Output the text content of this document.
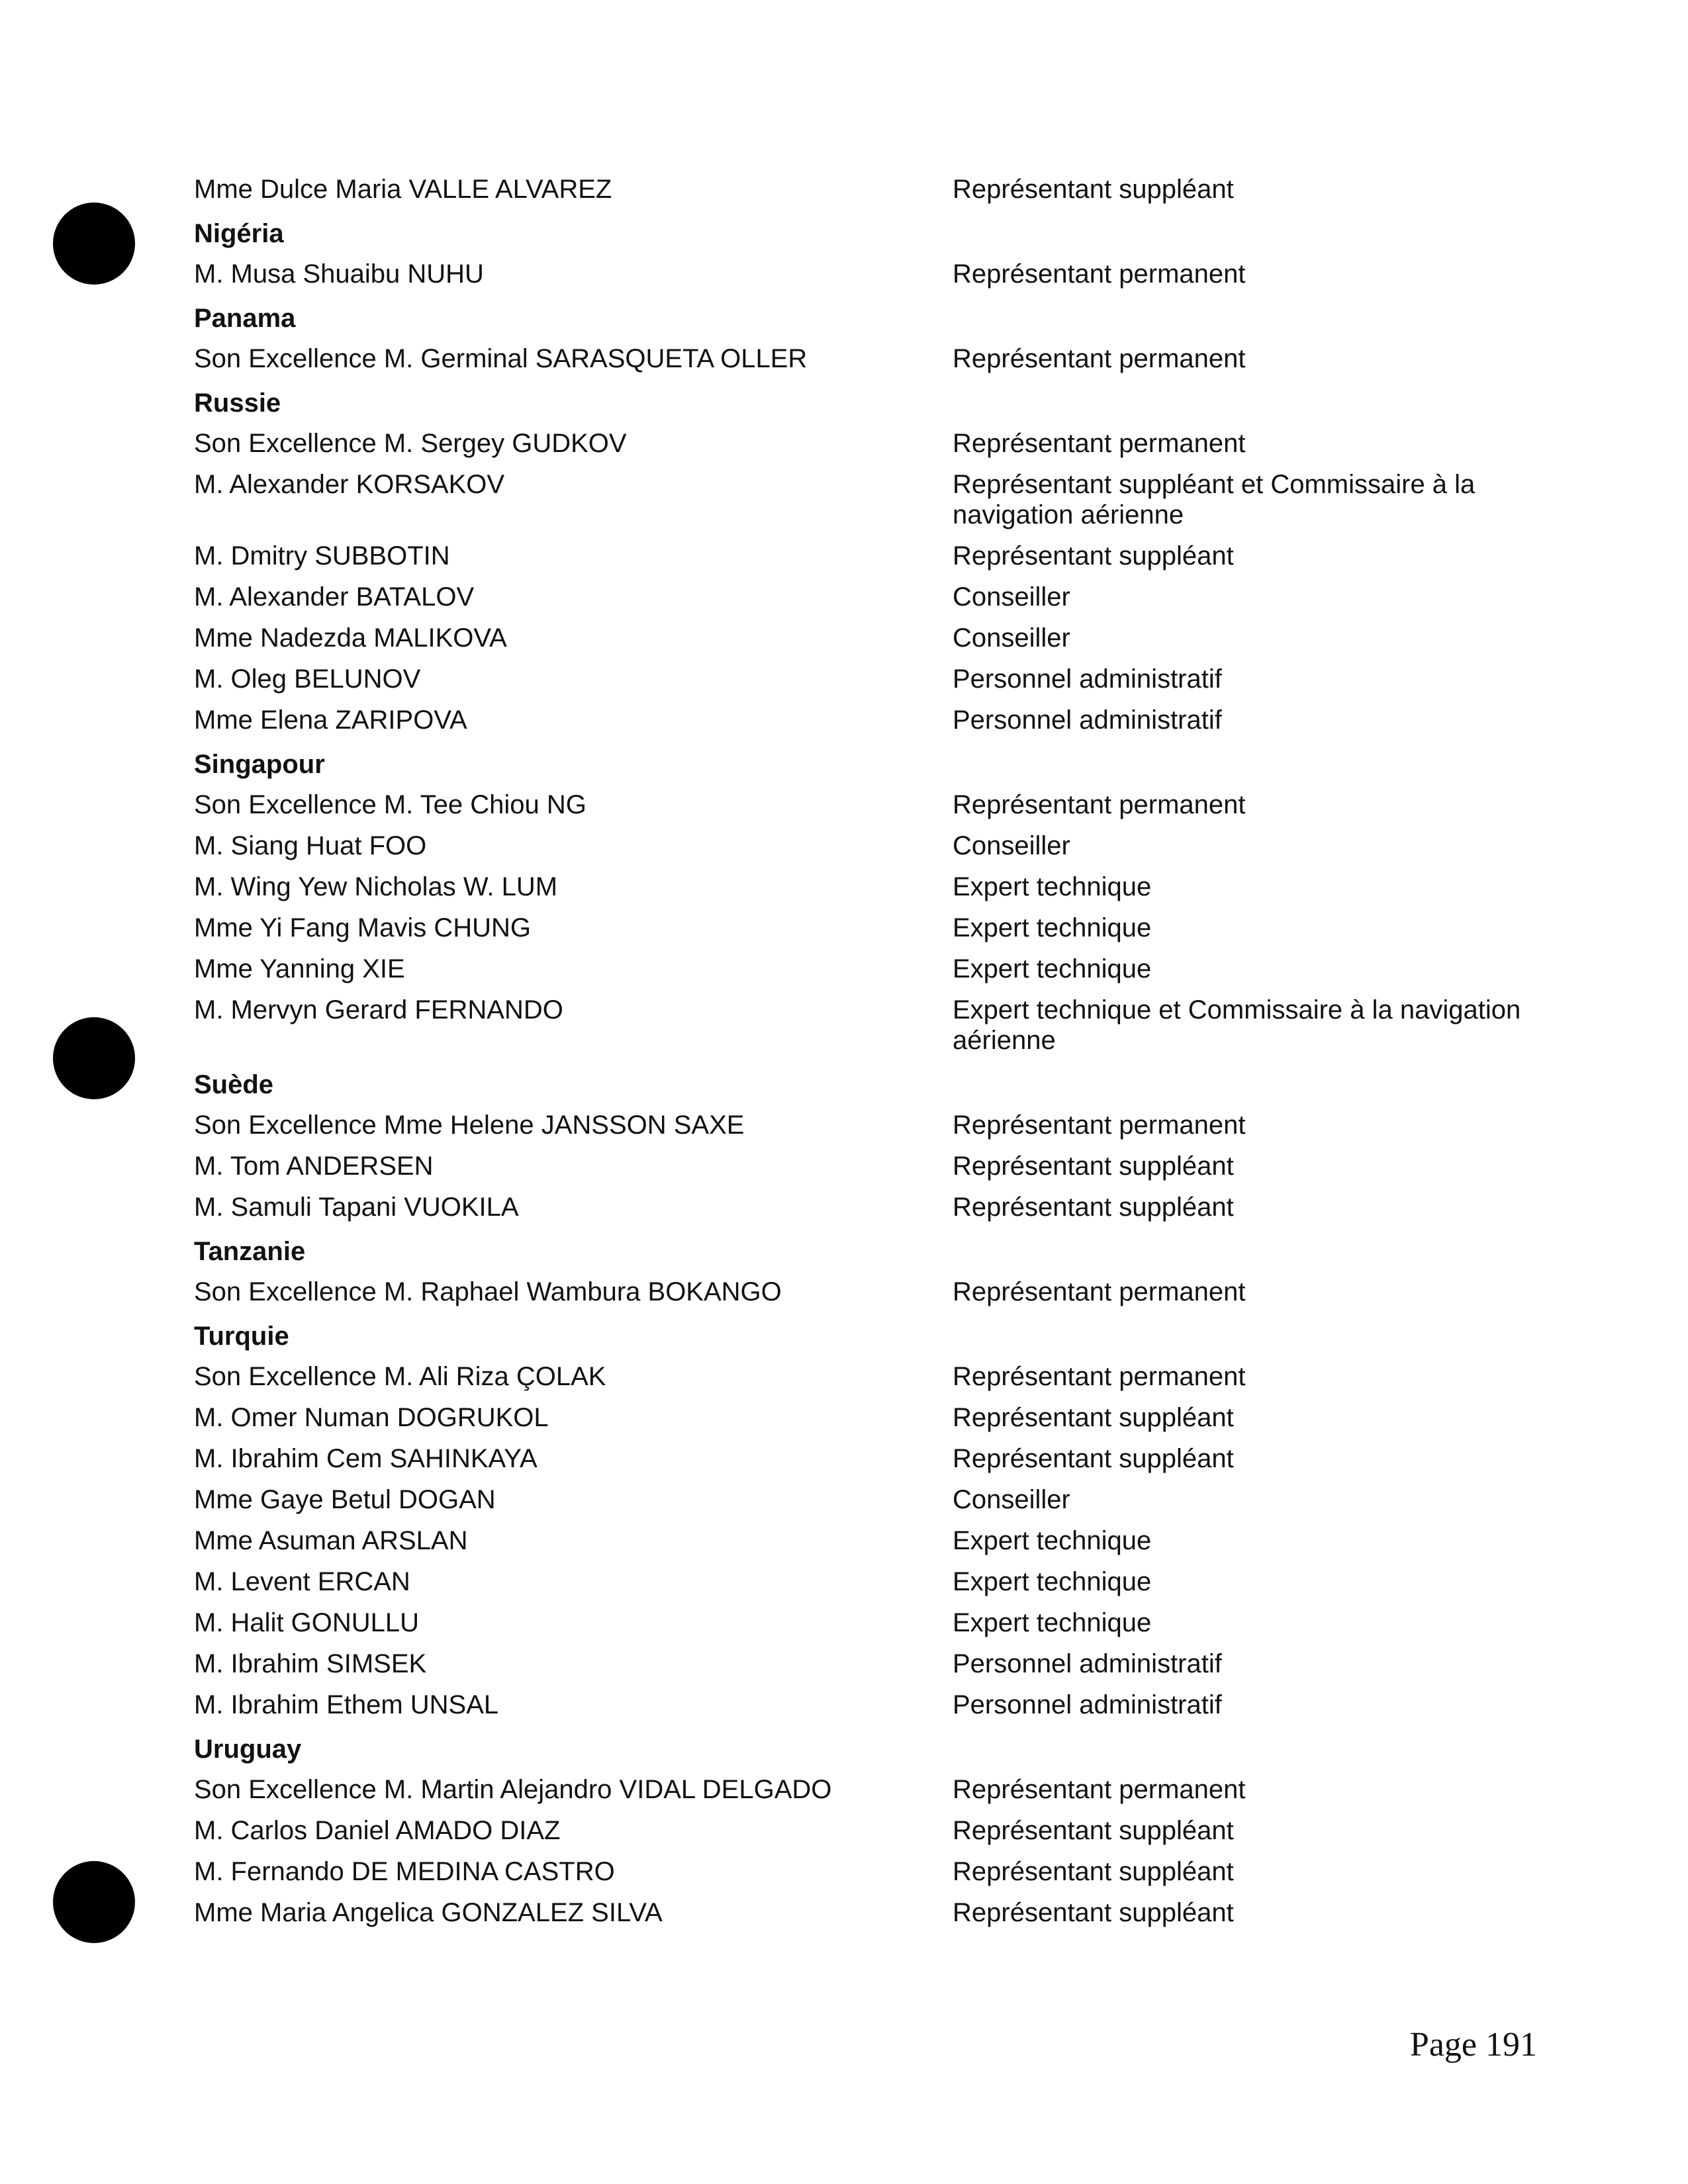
Mme Dulce Maria VALLE ALVAREZ	Représentant suppléant
Nigéria
M. Musa Shuaibu NUHU	Représentant permanent
Panama
Son Excellence M. Germinal SARASQUETA OLLER	Représentant permanent
Russie
Son Excellence M. Sergey GUDKOV	Représentant permanent
M. Alexander KORSAKOV	Représentant suppléant et Commissaire à la navigation aérienne
M. Dmitry SUBBOTIN	Représentant suppléant
M. Alexander BATALOV	Conseiller
Mme Nadezda MALIKOVA	Conseiller
M. Oleg BELUNOV	Personnel administratif
Mme Elena ZARIPOVA	Personnel administratif
Singapour
Son Excellence M. Tee Chiou NG	Représentant permanent
M. Siang Huat FOO	Conseiller
M. Wing Yew Nicholas W. LUM	Expert technique
Mme Yi Fang Mavis CHUNG	Expert technique
Mme Yanning XIE	Expert technique
M. Mervyn Gerard FERNANDO	Expert technique et Commissaire à la navigation aérienne
Suède
Son Excellence Mme Helene JANSSON SAXE	Représentant permanent
M. Tom ANDERSEN	Représentant suppléant
M. Samuli Tapani VUOKILA	Représentant suppléant
Tanzanie
Son Excellence M. Raphael Wambura BOKANGO	Représentant permanent
Turquie
Son Excellence M. Ali Riza ÇOLAK	Représentant permanent
M. Omer Numan DOGRUKOL	Représentant suppléant
M. Ibrahim Cem SAHINKAYA	Représentant suppléant
Mme Gaye Betul DOGAN	Conseiller
Mme Asuman ARSLAN	Expert technique
M. Levent ERCAN	Expert technique
M. Halit GONULLU	Expert technique
M. Ibrahim SIMSEK	Personnel administratif
M. Ibrahim Ethem UNSAL	Personnel administratif
Uruguay
Son Excellence M. Martin Alejandro VIDAL DELGADO	Représentant permanent
M. Carlos Daniel AMADO DIAZ	Représentant suppléant
M. Fernando DE MEDINA CASTRO	Représentant suppléant
Mme Maria Angelica GONZALEZ SILVA	Représentant suppléant
Page 191
